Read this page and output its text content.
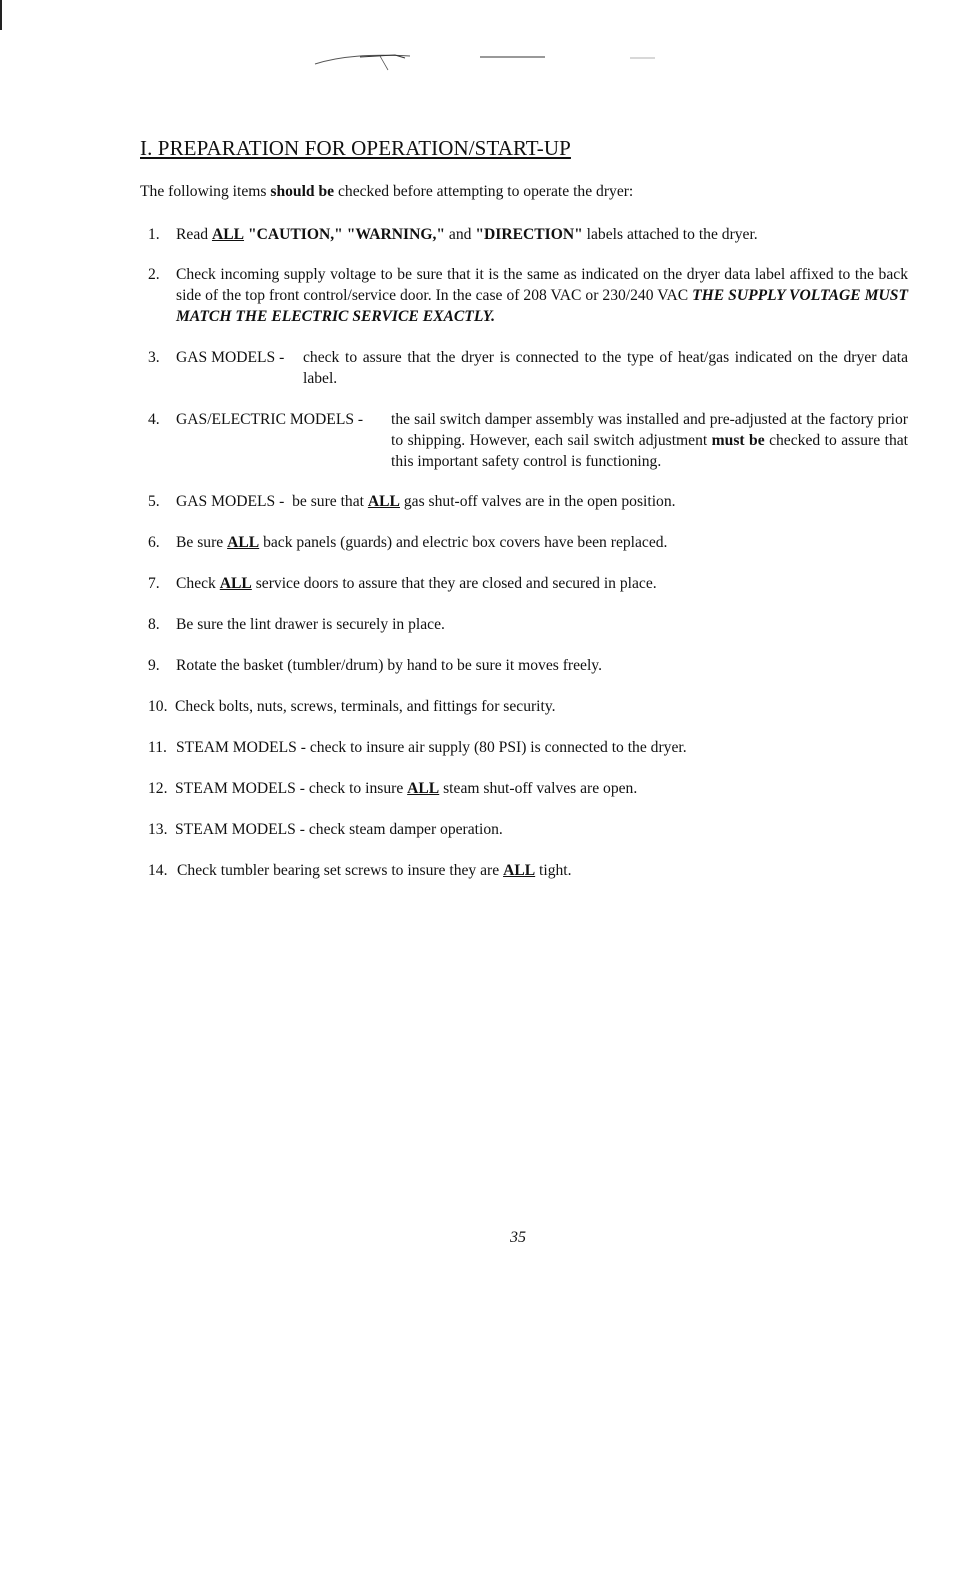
I. PREPARATION FOR OPERATION/START-UP
The following items should be checked before attempting to operate the dryer:
1. Read ALL "CAUTION," "WARNING," and "DIRECTION" labels attached to the dryer.
2. Check incoming supply voltage to be sure that it is the same as indicated on the dryer data label affixed to the back side of the top front control/service door. In the case of 208 VAC or 230/240 VAC THE SUPPLY VOLTAGE MUST MATCH THE ELECTRIC SERVICE EXACTLY.
3. GAS MODELS - check to assure that the dryer is connected to the type of heat/gas indicated on the dryer data label.
4. GAS/ELECTRIC MODELS - the sail switch damper assembly was installed and pre-adjusted at the factory prior to shipping. However, each sail switch adjustment must be checked to assure that this important safety control is functioning.
5. GAS MODELS -  be sure that ALL gas shut-off valves are in the open position.
6. Be sure ALL back panels (guards) and electric box covers have been replaced.
7. Check ALL service doors to assure that they are closed and secured in place.
8. Be sure the lint drawer is securely in place.
9. Rotate the basket (tumbler/drum) by hand to be sure it moves freely.
10. Check bolts, nuts, screws, terminals, and fittings for security.
11. STEAM MODELS - check to insure air supply (80 PSI) is connected to the dryer.
12. STEAM MODELS - check to insure ALL steam shut-off valves are open.
13. STEAM MODELS - check steam damper operation.
14. Check tumbler bearing set screws to insure they are ALL tight.
35
